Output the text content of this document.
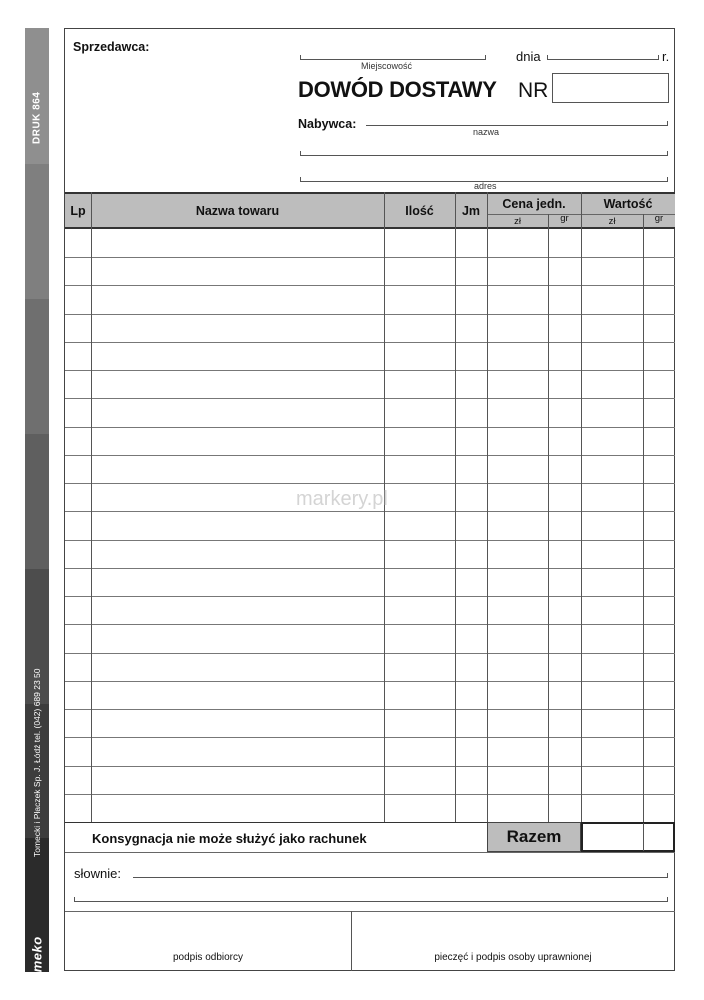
DRUK 864
Tomecki i Płaczek Sp. J. Łódź tel. (042) 689 23 50
emeko
Sprzedawca:
Miejscowość
dnia	r.
DOWÓD DOSTAWY NR
Nabywca:
nazwa
adres
Lp	Nazwa towaru	Ilość	Jm	Cena jedn.	Wartość
zł	gr	zł	gr
markery.pl
Konsygnacja nie może służyć jako rachunek	Razem
słownie:
podpis odbiorcy	pieczęć i podpis osoby uprawnionej
